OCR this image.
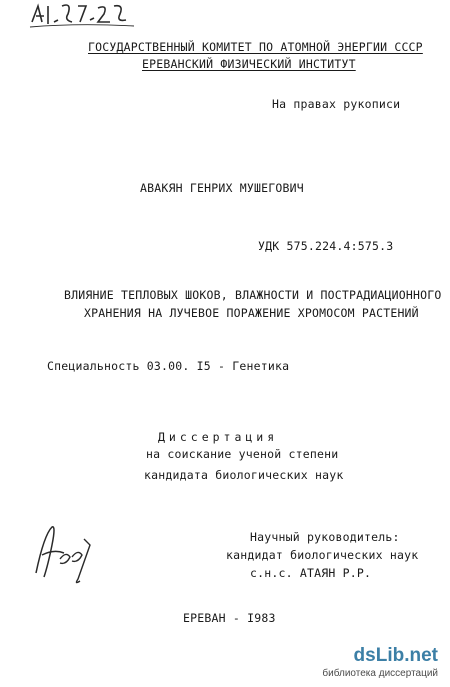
ГОСУДАРСТВЕННЫЙ КОМИТЕТ ПО АТОМНОЙ ЭНЕРГИИ СССР
ЕРЕВАНСКИЙ ФИЗИЧЕСКИЙ ИНСТИТУТ
На правах рукописи
АВАКЯН ГЕНРИХ МУШЕГОВИЧ
УДК 575.224.4:575.3
ВЛИЯНИЕ ТЕПЛОВЫХ ШОКОВ, ВЛАЖНОСТИ И ПОСТРАДИАЦИОННОГО
ХРАНЕНИЯ НА ЛУЧЕВОЕ ПОРАЖЕНИЕ ХРОМОСОМ РАСТЕНИЙ
Специальность 03.00. I5 - Генетика
Диссертация
на соискание ученой степени
кандидата биологических наук
Научный руководитель:
кандидат биологических наук
с.н.с. АТАЯН Р.Р.
ЕРЕВАН - I983
dsLib.net
библиотека диссертаций
